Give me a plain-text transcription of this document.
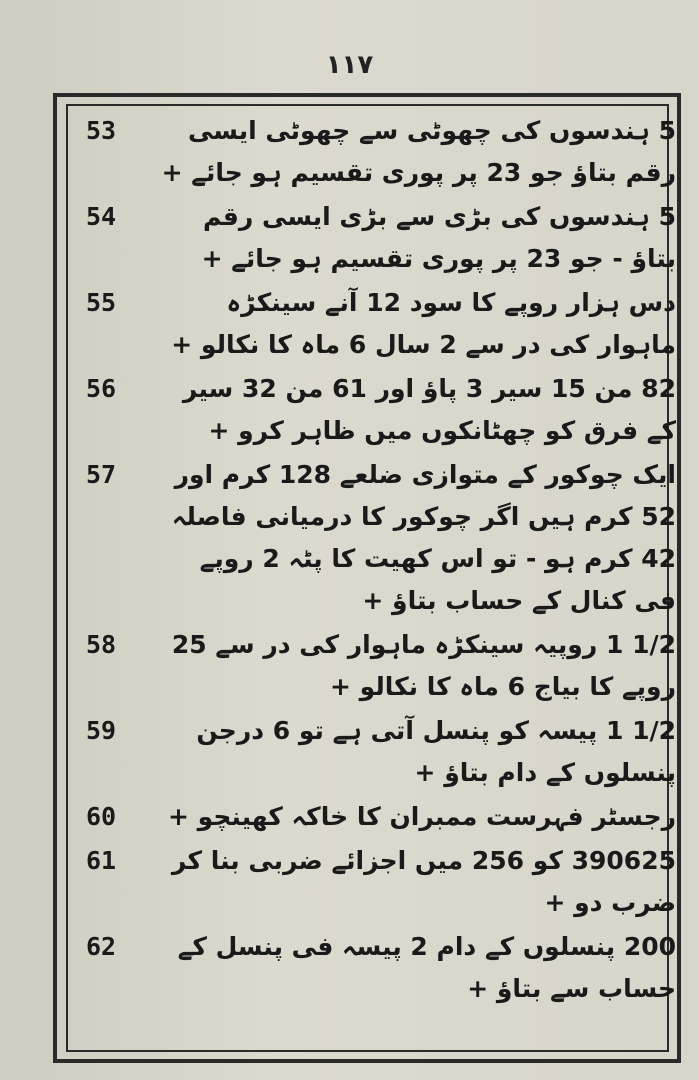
۱۱۷
53	5 ہندسوں کی چھوٹی سے چھوٹی ایسی رقم بتاؤ جو 23 پر پوری تقسیم ہو جائے +
54	5 ہندسوں کی بڑی سے بڑی ایسی رقم بتاؤ - جو 23 پر پوری تقسیم ہو جائے +
55	دس ہزار روپے کا سود 12 آنے سینکڑہ ماہوار کی در سے 2 سال 6 ماہ کا نکالو +
56	82 من 15 سیر 3 پاؤ اور 61 من 32 سیر کے فرق کو چھٹانکوں میں ظاہر کرو +
57	ایک چوکور کے متوازی ضلعے 128 کرم اور 52 کرم ہیں اگر چوکور کا درمیانی فاصلہ 42 کرم ہو - تو اس کھیت کا پٹہ 2 روپے فی کنال کے حساب بتاؤ +
58	1/2 1 روپیہ سینکڑہ ماہوار کی در سے 25 روپے کا بیاج 6 ماہ کا نکالو +
59	1/2 1 پیسہ کو پنسل آتی ہے تو 6 درجن پنسلوں کے دام بتاؤ +
60	رجسٹر فہرست ممبران کا خاکہ کھینچو +
61	390625 کو 256 میں اجزائے ضربی بنا کر ضرب دو +
62	200 پنسلوں کے دام 2 پیسہ فی پنسل کے حساب سے بتاؤ +
